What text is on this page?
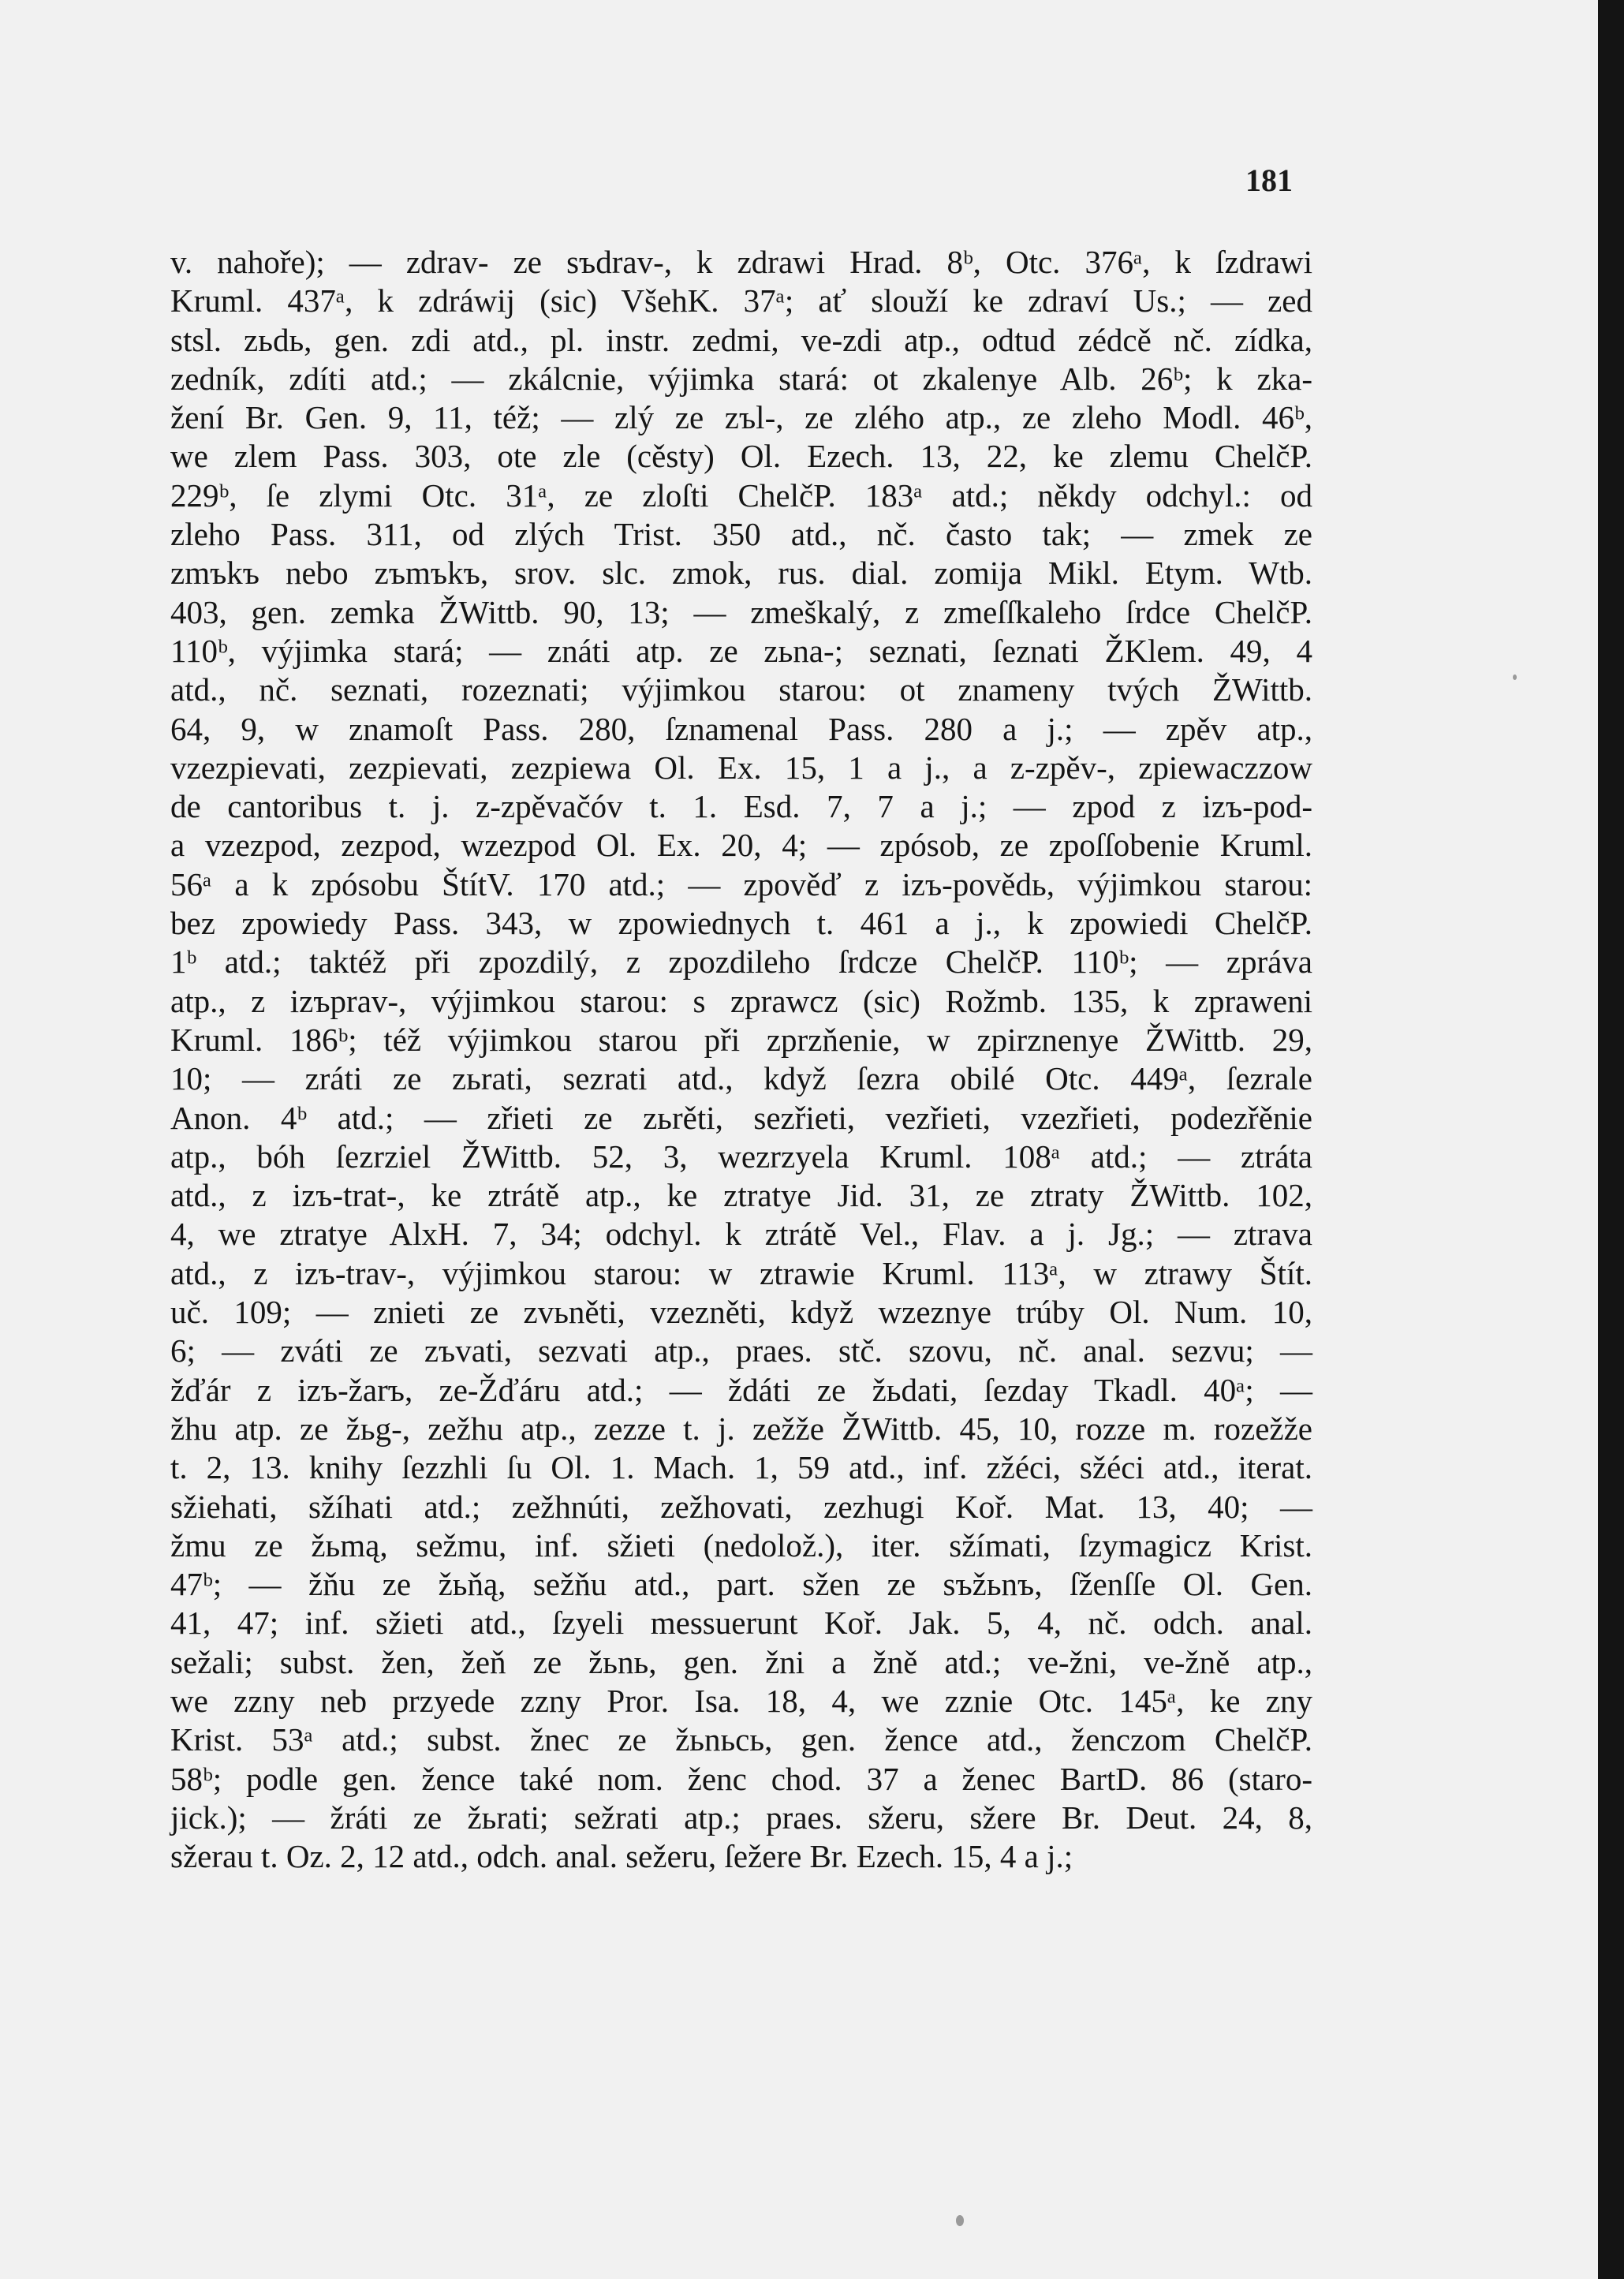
181
v. nahoře); — zdrav- ze sъdrav-, k zdrawi Hrad. 8ᵇ, Otc. 376ᵃ, k ſzdrawi
Kruml. 437ᵃ, k zdráwij (sic) VšehK. 37ᵃ; ať slouží ke zdraví Us.; — zed
stsl. zьdь, gen. zdi atd., pl. instr. zedmi, ve-zdi atp., odtud zédcě nč. zídka,
zedník, zdíti atd.; — zkálcnie, výjimka stará: ot zkalenye Alb. 26ᵇ; k zka-
žení Br. Gen. 9, 11, též; — zlý ze zъl-, ze zlého atp., ze zleho Modl. 46ᵇ,
we zlem Pass. 303, ote zle (cěsty) Ol. Ezech. 13, 22, ke zlemu ChelčP.
229ᵇ, ſe zlymi Otc. 31ᵃ, ze zloſti ChelčP. 183ᵃ atd.; někdy odchyl.: od
zleho Pass. 311, od zlých Trist. 350 atd., nč. často tak; — zmek ze
zmъkъ nebo zъmъkъ, srov. slc. zmok, rus. dial. zomija Mikl. Etym. Wtb.
403, gen. zemka ŽWittb. 90, 13; — zmeškalý, z zmeſſkaleho ſrdce ChelčP.
110ᵇ, výjimka stará; — znáti atp. ze zьna-; seznati, ſeznati ŽKlem. 49, 4
atd., nč. seznati, rozeznati; výjimkou starou: ot znameny tvých ŽWittb.
64, 9, w znamoſt Pass. 280, ſznamenal Pass. 280 a j.; — zpěv atp.,
vzezpievati, zezpievati, zezpiewa Ol. Ex. 15, 1 a j., a z-zpěv-, zpiewaczzow
de cantoribus t. j. z-zpěvačóv t. 1. Esd. 7, 7 a j.; — zpod z izъ-pod-
a vzezpod, zezpod, wzezpod Ol. Ex. 20, 4; — zpósob, ze zpoſſobenie Kruml.
56ᵃ a k zpósobu ŠtítV. 170 atd.; — zpověď z izъ-povědь, výjimkou starou:
bez zpowiedy Pass. 343, w zpowiednych t. 461 a j., k zpowiedi ChelčP.
1ᵇ atd.; taktéž při zpozdilý, z zpozdileho ſrdcze ChelčP. 110ᵇ; — zpráva
atp., z izъprav-, výjimkou starou: s zprawcz (sic) Rožmb. 135, k zpraweni
Kruml. 186ᵇ; též výjimkou starou při zprzňenie, w zpirznenye ŽWittb. 29,
10; — zráti ze zьrati, sezrati atd., když ſezra obilé Otc. 449ᵃ, ſezrale
Anon. 4ᵇ atd.; — zřieti ze zьrěti, sezřieti, vezřieti, vzezřieti, podezřěnie
atp., bóh ſezrziel ŽWittb. 52, 3, wezrzyela Kruml. 108ᵃ atd.; — ztráta
atd., z izъ-trat-, ke ztrátě atp., ke ztratye Jid. 31, ze ztraty ŽWittb. 102,
4, we ztratye AlxH. 7, 34; odchyl. k ztrátě Vel., Flav. a j. Jg.; — ztrava
atd., z izъ-trav-, výjimkou starou: w ztrawie Kruml. 113ᵃ, w ztrawy Štít.
uč. 109; — znieti ze zvьněti, vzezněti, když wzeznye trúby Ol. Num. 10,
6; — zváti ze zъvati, sezvati atp., praes. stč. szovu, nč. anal. sezvu; —
žďár z izъ-žarъ, ze-Žďáru atd.; — ždáti ze žьdati, ſezday Tkadl. 40ᵃ; —
žhu atp. ze žьg-, zežhu atp., zezze t. j. zežže ŽWittb. 45, 10, rozze m. rozežže
t. 2, 13. knihy ſezzhli ſu Ol. 1. Mach. 1, 59 atd., inf. zžéci, sžéci atd., iterat.
sžiehati, sžíhati atd.; zežhnúti, zežhovati, zezhugi Koř. Mat. 13, 40; —
žmu ze žьmą, sežmu, inf. sžieti (nedolož.), iter. sžímati, ſzymagicz Krist.
47ᵇ; — žňu ze žьňą, sežňu atd., part. sžen ze sъžьnъ, ſženſſe Ol. Gen.
41, 47; inf. sžieti atd., ſzyeli messuerunt Koř. Jak. 5, 4, nč. odch. anal.
sežali; subst. žen, žeň ze žьnь, gen. žni a žně atd.; ve-žni, ve-žně atp.,
we zzny neb przyede zzny Pror. Isa. 18, 4, we zznie Otc. 145ᵃ, ke zny
Krist. 53ᵃ atd.; subst. žnec ze žьnьсь, gen. žence atd., ženczom ChelčP.
58ᵇ; podle gen. žence také nom. ženc chod. 37 a ženec BartD. 86 (staro-
jick.); — žráti ze žьrati; sežrati atp.; praes. sžeru, sžere Br. Deut. 24, 8,
sžerau t. Oz. 2, 12 atd., odch. anal. sežeru, ſežere Br. Ezech. 15, 4 a j.;
